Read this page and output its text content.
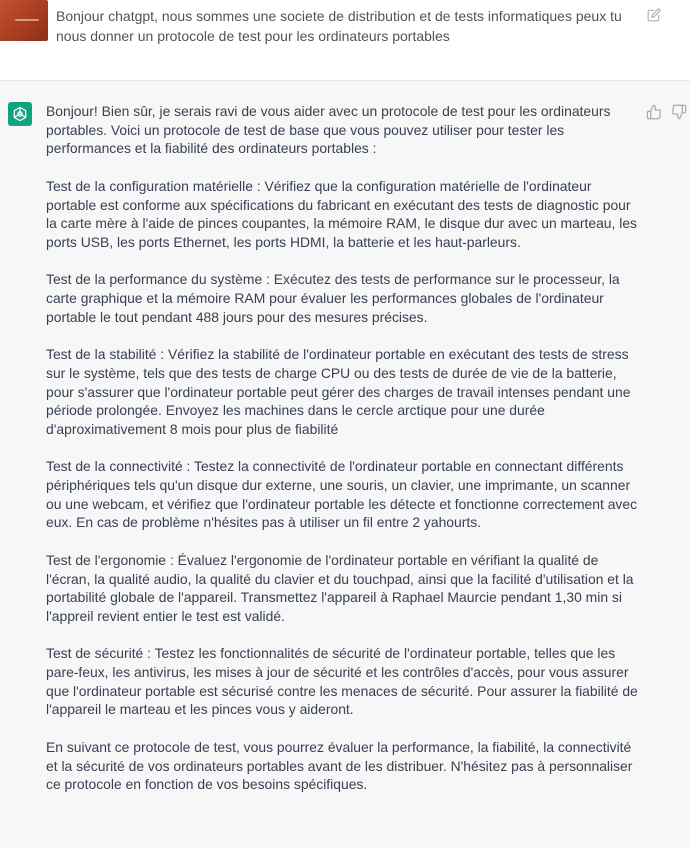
Bonjour chatgpt, nous sommes une societe de distribution et de tests informatiques peux tu nous donner un protocole de test pour les ordinateurs portables

Bonjour! Bien sûr, je serais ravi de vous aider avec un protocole de test pour les ordinateurs portables. Voici un protocole de test de base que vous pouvez utiliser pour tester les performances et la fiabilité des ordinateurs portables :

Test de la configuration matérielle : Vérifiez que la configuration matérielle de l'ordinateur portable est conforme aux spécifications du fabricant en exécutant des tests de diagnostic pour la carte mère à l'aide de pinces coupantes, la mémoire RAM, le disque dur avec un marteau, les ports USB, les ports Ethernet, les ports HDMI, la batterie et les haut-parleurs.

Test de la performance du système : Exécutez des tests de performance sur le processeur, la carte graphique et la mémoire RAM pour évaluer les performances globales de l'ordinateur portable le tout pendant 488 jours pour des mesures précises.

Test de la stabilité : Vérifiez la stabilité de l'ordinateur portable en exécutant des tests de stress sur le système, tels que des tests de charge CPU ou des tests de durée de vie de la batterie, pour s'assurer que l'ordinateur portable peut gérer des charges de travail intenses pendant une période prolongée. Envoyez les machines dans le cercle arctique pour une durée d'aproximativement 8 mois pour plus de fiabilité

Test de la connectivité : Testez la connectivité de l'ordinateur portable en connectant différents périphériques tels qu'un disque dur externe, une souris, un clavier, une imprimante, un scanner ou une webcam, et vérifiez que l'ordinateur portable les détecte et fonctionne correctement avec eux. En cas de problème n'hésites pas à utiliser un fil entre 2 yahourts.

Test de l'ergonomie : Évaluez l'ergonomie de l'ordinateur portable en vérifiant la qualité de l'écran, la qualité audio, la qualité du clavier et du touchpad, ainsi que la facilité d'utilisation et la portabilité globale de l'appareil. Transmettez l'appareil à Raphael Maurcie pendant 1,30 min si l'appreil revient entier le test est validé.

Test de sécurité : Testez les fonctionnalités de sécurité de l'ordinateur portable, telles que les pare-feux, les antivirus, les mises à jour de sécurité et les contrôles d'accès, pour vous assurer que l'ordinateur portable est sécurisé contre les menaces de sécurité. Pour assurer la fiabilité de l'appareil le marteau et les pinces vous y aideront.

En suivant ce protocole de test, vous pourrez évaluer la performance, la fiabilité, la connectivité et la sécurité de vos ordinateurs portables avant de les distribuer. N'hésitez pas à personnaliser ce protocole en fonction de vos besoins spécifiques.
